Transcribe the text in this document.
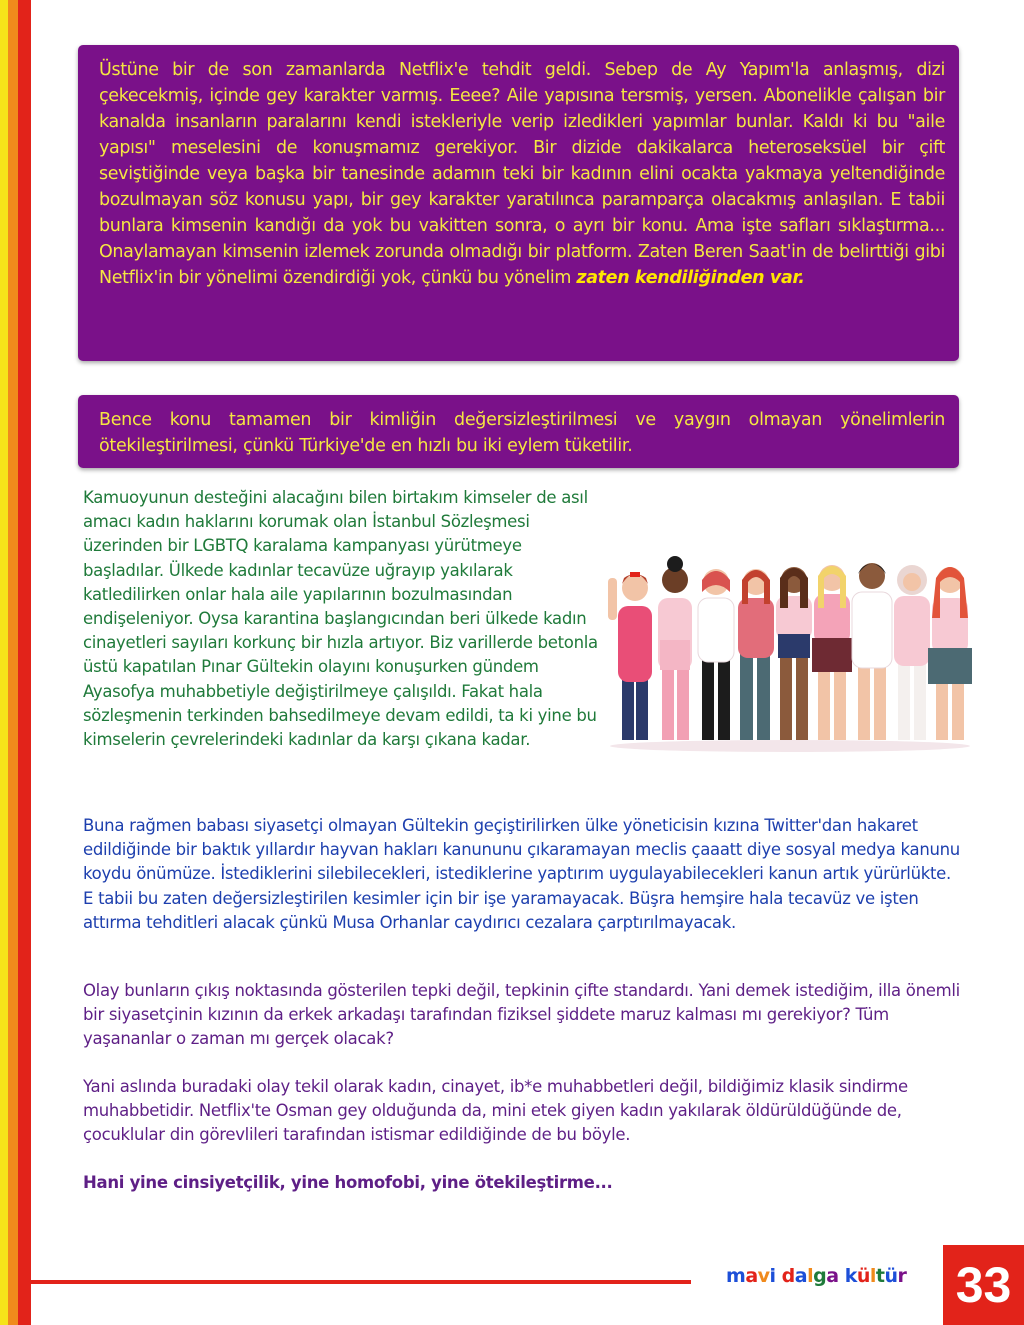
Üstüne bir de son zamanlarda Netflix'e tehdit geldi. Sebep de Ay Yapım'la anlaşmış, dizi çekecekmiş, içinde gey karakter varmış. Eeee? Aile yapısına tersmiş, yersen. Abonelikle çalışan bir kanalda insanların paralarını kendi istekleriyle verip izledikleri yapımlar bunlar. Kaldı ki bu "aile yapısı" meselesini de konuşmamız gerekiyor. Bir dizide dakikalarca heteroseksüel bir çift seviştiğinde veya başka bir tanesinde adamın teki bir kadının elini ocakta yakmaya yeltendiğinde bozulmayan söz konusu yapı, bir gey karakter yaratılınca paramparça olacakmış anlaşılan. E tabii bunlara kimsenin kandığı da yok bu vakitten sonra, o ayrı bir konu. Ama işte safları sıklaştırma... Onaylamayan kimsenin izlemek zorunda olmadığı bir platform. Zaten Beren Saat'in de belirttiği gibi Netflix'in bir yönelimi özendirdiği yok, çünkü bu yönelim zaten kendiliğinden var.
Bence konu tamamen bir kimliğin değersizleştirilmesi ve yaygın olmayan yönelimlerin ötekileştirilmesi, çünkü Türkiye'de en hızlı bu iki eylem tüketilir.
Kamuoyunun desteğini alacağını bilen birtakım kimseler de asıl amacı kadın haklarını korumak olan İstanbul Sözleşmesi üzerinden bir LGBTQ karalama kampanyası yürütmeye başladılar. Ülkede kadınlar tecavüze uğrayıp yakılarak katledilirken onlar hala aile yapılarının bozulmasından endişeleniyor. Oysa karantina başlangıcından beri ülkede kadın cinayetleri sayıları korkunç bir hızla artıyor. Biz varillerde betonla üstü kapatılan Pınar Gültekin olayını konuşurken gündem Ayasofya muhabbetiyle değiştirilmeye çalışıldı. Fakat hala sözleşmenin terkinden bahsedilmeye devam edildi, ta ki yine bu kimselerin çevrelerindeki kadınlar da karşı çıkana kadar.
Buna rağmen babası siyasetçi olmayan Gültekin geçiştirilirken ülke yöneticisin kızına Twitter'dan hakaret edildiğinde bir baktık yıllardır hayvan hakları kanununu çıkaramayan meclis çaaatt diye sosyal medya kanunu koydu önümüze. İstediklerini silebilecekleri, istediklerine yaptırım uygulayabilecekleri kanun artık yürürlükte. E tabii bu zaten değersizleştirilen kesimler için bir işe yaramayacak. Büşra hemşire hala tecavüz ve işten attırma tehditleri alacak çünkü Musa Orhanlar caydırıcı cezalara çarptırılmayacak.
Olay bunların çıkış noktasında gösterilen tepki değil, tepkinin çifte standardı. Yani demek istediğim, illa önemli bir siyasetçinin kızının da erkek arkadaşı tarafından fiziksel şiddete maruz kalması mı gerekiyor? Tüm yaşananlar o zaman mı gerçek olacak?
Yani aslında buradaki olay tekil olarak kadın, cinayet, ib*e muhabbetleri değil, bildiğimiz klasik sindirme muhabbetidir. Netflix'te Osman gey olduğunda da, mini etek giyen kadın yakılarak öldürüldüğünde de, çocuklular din görevlileri tarafından istismar edildiğinde de bu böyle.
Hani yine cinsiyetçilik, yine homofobi, yine ötekileştirme...
mavi dalga kültür 33
